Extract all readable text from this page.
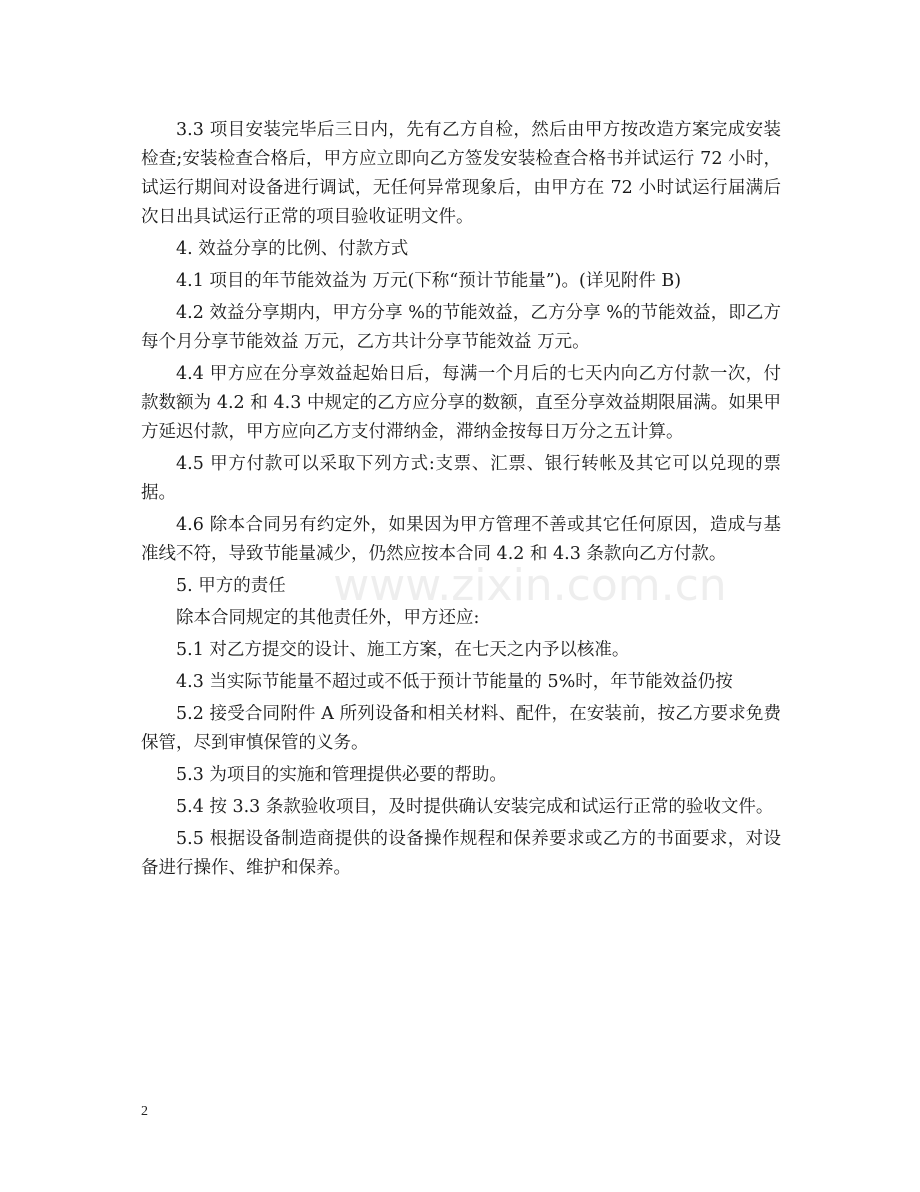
www.zixin.com.cn

3.3 项目安装完毕后三日内，先有乙方自检，然后由甲方按改造方案完成安装检查;安装检查合格后，甲方应立即向乙方签发安装检查合格书并试运行 72 小时，试运行期间对设备进行调试，无任何异常现象后，由甲方在 72 小时试运行届满后次日出具试运行正常的项目验收证明文件。

4. 效益分享的比例、付款方式

4.1 项目的年节能效益为 万元(下称“预计节能量”)。(详见附件 B)

4.2 效益分享期内，甲方分享 %的节能效益，乙方分享 %的节能效益，即乙方每个月分享节能效益 万元，乙方共计分享节能效益 万元。

4.4 甲方应在分享效益起始日后，每满一个月后的七天内向乙方付款一次，付款数额为 4.2 和 4.3 中规定的乙方应分享的数额，直至分享效益期限届满。如果甲方延迟付款，甲方应向乙方支付滞纳金，滞纳金按每日万分之五计算。

4.5 甲方付款可以采取下列方式:支票、汇票、银行转帐及其它可以兑现的票据。

4.6 除本合同另有约定外，如果因为甲方管理不善或其它任何原因，造成与基准线不符，导致节能量减少，仍然应按本合同 4.2 和 4.3 条款向乙方付款。

5. 甲方的责任

除本合同规定的其他责任外，甲方还应:

5.1 对乙方提交的设计、施工方案，在七天之内予以核准。

4.3 当实际节能量不超过或不低于预计节能量的 5%时，年节能效益仍按

5.2 接受合同附件 A 所列设备和相关材料、配件，在安装前，按乙方要求免费保管，尽到审慎保管的义务。

5.3 为项目的实施和管理提供必要的帮助。

5.4 按 3.3 条款验收项目，及时提供确认安装完成和试运行正常的验收文件。

5.5 根据设备制造商提供的设备操作规程和保养要求或乙方的书面要求，对设备进行操作、维护和保养。

2
